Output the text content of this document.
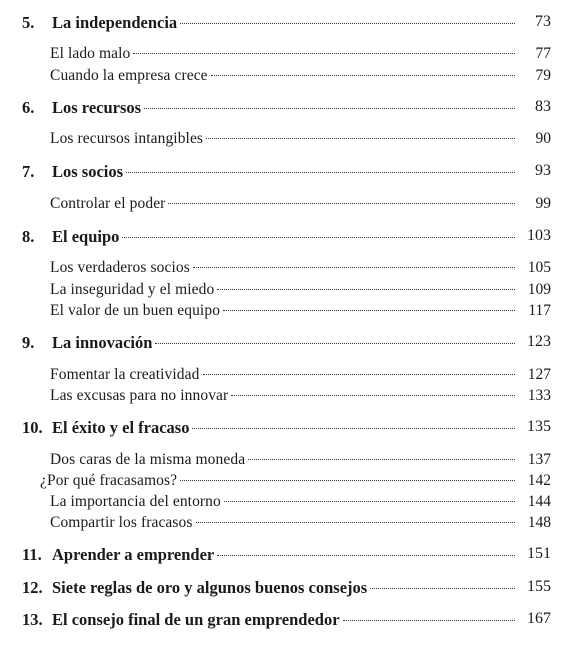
5.	La independencia	73
El lado malo	77
Cuando la empresa crece	79
6.	Los recursos	83
Los recursos intangibles	90
7.	Los socios	93
Controlar el poder	99
8.	El equipo	103
Los verdaderos socios	105
La inseguridad y el miedo	109
El valor de un buen equipo	117
9.	La innovación	123
Fomentar la creatividad	127
Las excusas para no innovar	133
10. El éxito y el fracaso	135
Dos caras de la misma moneda	137
¿Por qué fracasamos?	142
La importancia del entorno	144
Compartir los fracasos	148
11. Aprender a emprender	151
12. Siete reglas de oro y algunos buenos consejos	155
13. El consejo final de un gran emprendedor	167
